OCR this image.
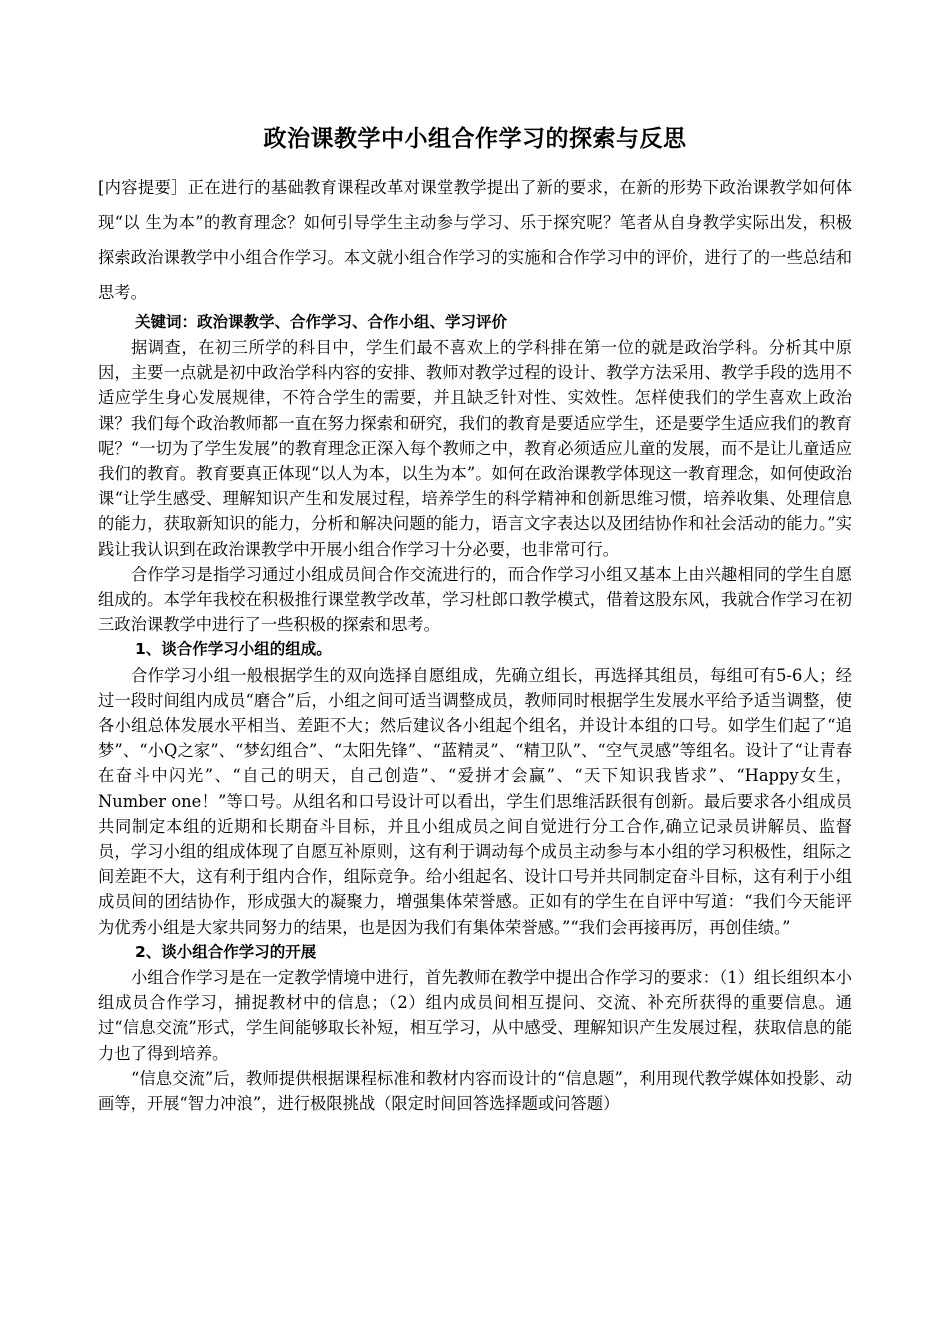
政治课教学中小组合作学习的探索与反思

[内容提要］正在进行的基础教育课程改革对课堂教学提出了新的要求，在新的形势下政治课教学如何体现“以 生为本”的教育理念？如何引导学生主动参与学习、乐于探究呢？笔者从自身教学实际出发，积极探索政治课教学中小组合作学习。本文就小组合作学习的实施和合作学习中的评价，进行了的一些总结和思考。

关键词：政治课教学、合作学习、合作小组、学习评价

据调查，在初三所学的科目中，学生们最不喜欢上的学科排在第一位的就是政治学科。分析其中原因，主要一点就是初中政治学科内容的安排、教师对教学过程的设计、教学方法采用、教学手段的选用不适应学生身心发展规律，不符合学生的需要，并且缺乏针对性、实效性。怎样使我们的学生喜欢上政治课？我们每个政治教师都一直在努力探索和研究，我们的教育是要适应学生，还是要学生适应我们的教育呢？“一切为了学生发展”的教育理念正深入每个教师之中，教育必须适应儿童的发展，而不是让儿童适应我们的教育。教育要真正体现“以人为本，以生为本”。如何在政治课教学体现这一教育理念，如何使政治课“让学生感受、理解知识产生和发展过程，培养学生的科学精神和创新思维习惯，培养收集、处理信息的能力，获取新知识的能力，分析和解决问题的能力，语言文字表达以及团结协作和社会活动的能力。”实践让我认识到在政治课教学中开展小组合作学习十分必要，也非常可行。

合作学习是指学习通过小组成员间合作交流进行的，而合作学习小组又基本上由兴趣相同的学生自愿组成的。本学年我校在积极推行课堂教学改革，学习杜郎口教学模式，借着这股东风，我就合作学习在初三政治课教学中进行了一些积极的探索和思考。

1、谈合作学习小组的组成。

合作学习小组一般根据学生的双向选择自愿组成，先确立组长，再选择其组员，每组可有5-6人；经过一段时间组内成员“磨合”后，小组之间可适当调整成员，教师同时根据学生发展水平给予适当调整，使各小组总体发展水平相当、差距不大；然后建议各小组起个组名，并设计本组的口号。如学生们起了“追梦”、“小Q之家”、“梦幻组合”、“太阳先锋”、“蓝精灵”、“精卫队”、“空气灵感”等组名。设计了“让青春在奋斗中闪光”、“自己的明天，自己创造”、“爱拼才会赢”、“天下知识我皆求”、“Happy女生，Number one！”等口号。从组名和口号设计可以看出，学生们思维活跃很有创新。最后要求各小组成员共同制定本组的近期和长期奋斗目标，并且小组成员之间自觉进行分工合作,确立记录员讲解员、监督员，学习小组的组成体现了自愿互补原则，这有利于调动每个成员主动参与本小组的学习积极性，组际之间差距不大，这有利于组内合作，组际竞争。给小组起名、设计口号并共同制定奋斗目标，这有利于小组成员间的团结协作，形成强大的凝聚力，增强集体荣誉感。正如有的学生在自评中写道：“我们今天能评为优秀小组是大家共同努力的结果，也是因为我们有集体荣誉感。”“我们会再接再厉，再创佳绩。”

2、谈小组合作学习的开展

小组合作学习是在一定教学情境中进行，首先教师在教学中提出合作学习的要求：（1）组长组织本小组成员合作学习，捕捉教材中的信息；（2）组内成员间相互提问、交流、补充所获得的重要信息。通过“信息交流”形式，学生间能够取长补短，相互学习，从中感受、理解知识产生发展过程，获取信息的能力也了得到培养。

“信息交流”后，教师提供根据课程标准和教材内容而设计的“信息题”，利用现代教学媒体如投影、动画等，开展“智力冲浪”，进行极限挑战（限定时间回答选择题或问答题）
